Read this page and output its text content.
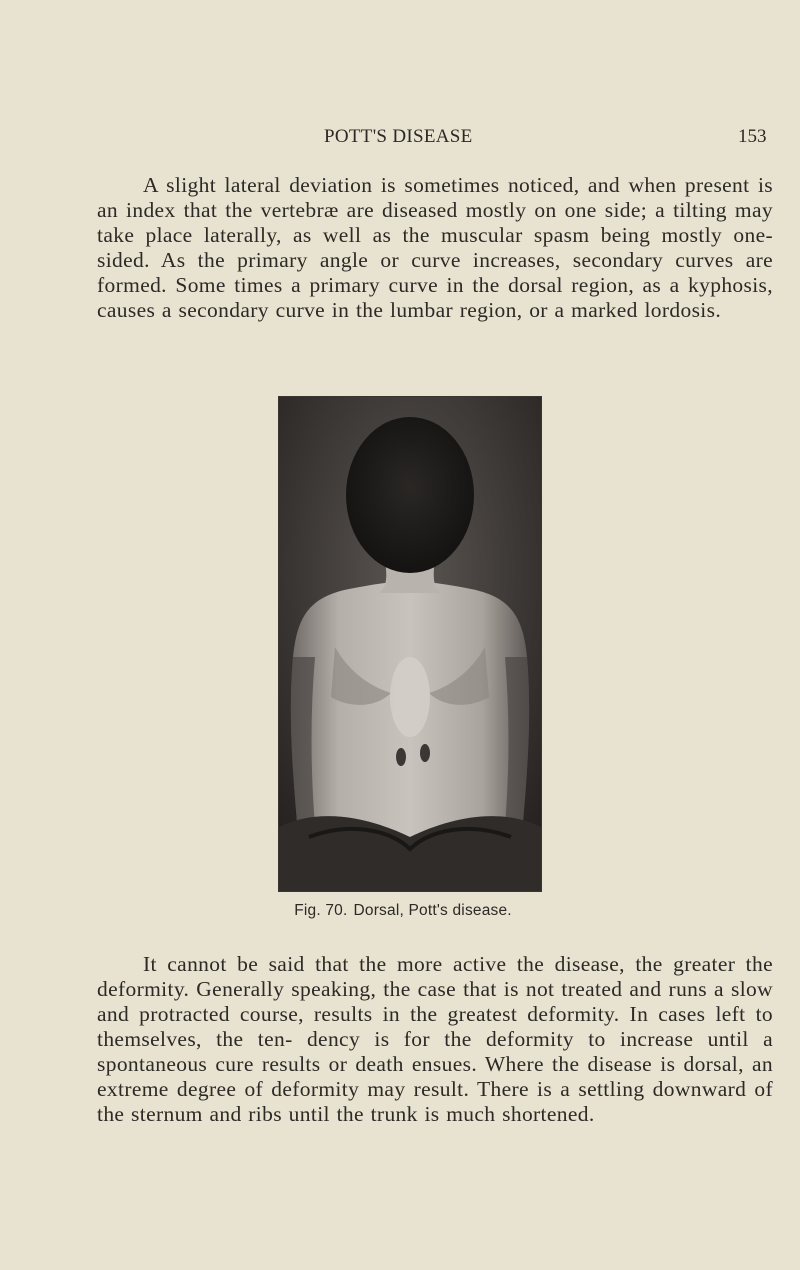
POTT'S DISEASE	153

A slight lateral deviation is sometimes noticed, and when present is an index that the vertebræ are diseased mostly on one side; a tilting may take place laterally, as well as the muscular spasm being mostly one-sided. As the primary angle or curve increases, secondary curves are formed. Some times a primary curve in the dorsal region, as a kyphosis, causes a secondary curve in the lumbar region, or a marked lordosis.

Fig. 70. Dorsal, Pott's disease.

It cannot be said that the more active the disease, the greater the deformity. Generally speaking, the case that is not treated and runs a slow and protracted course, results in the greatest deformity. In cases left to themselves, the ten- dency is for the deformity to increase until a spontaneous cure results or death ensues. Where the disease is dorsal, an extreme degree of deformity may result. There is a settling downward of the sternum and ribs until the trunk is much shortened.
